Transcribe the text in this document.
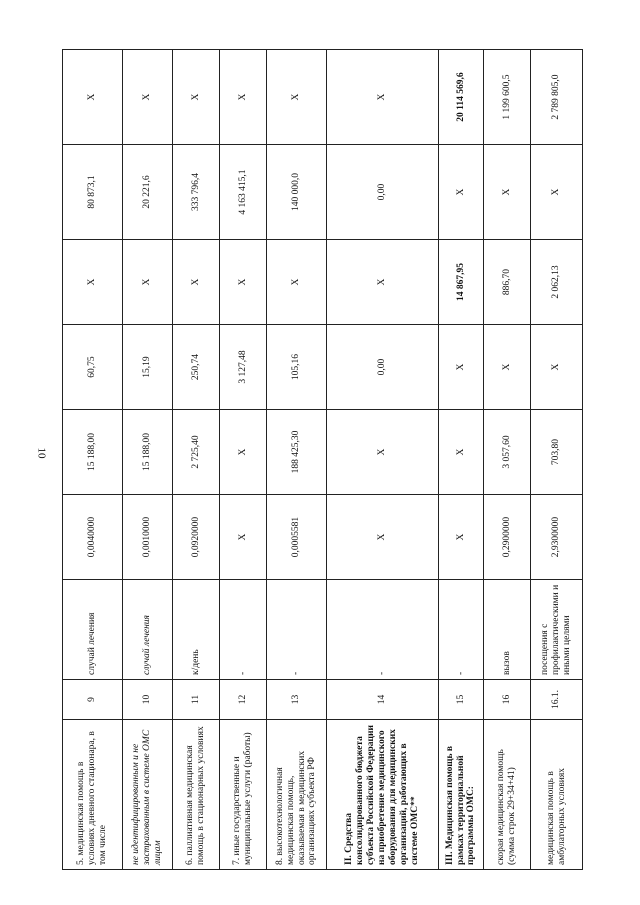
10
5. медицинская помощь в условиях дневного стационара, в том числе	9	случай лечения	0,0040000	15 188,00	60,75	X	80 873,1	X
не идентифицированным и не застрахованным в системе ОМС лицам	10	случай лечения	0,0010000	15 188,00	15,19	X	20 221,6	X
6. паллиативная медицинская помощь в стационарных условиях	11	к/день	0,0920000	2 725,40	250,74	X	333 796,4	X
7. иные государственные и муниципальные услуги (работы)	12	-	X	X	3 127,48	X	4 163 415,1	X
8. высокотехнологичная медицинская помощь, оказываемая в медицинских организациях субъекта РФ	13	-	0,0005581	188 425,30	105,16	X	140 000,0	X
II. Средства консолидированного бюджета субъекта Российской Федерации на приобретение медицинского оборудования для медицинских организаций, работающих в системе ОМС**	14	-	X	X	0,00	X	0,00	X
III. Медицинская помощь в рамках территориальной программы ОМС:	15	-	X	X	X	14 867,95	X	20 114 569,6
скорая медицинская помощь (сумма строк 29+34+41)	16	вызов	0,2900000	3 057,60	X	886,70	X	1 199 600,5
медицинская помощь в амбулаторных условиях	16.1.	посещения с профилактическими и иными целями	2,9300000	703,80	X	2 062,13	X	2 789 805,0
